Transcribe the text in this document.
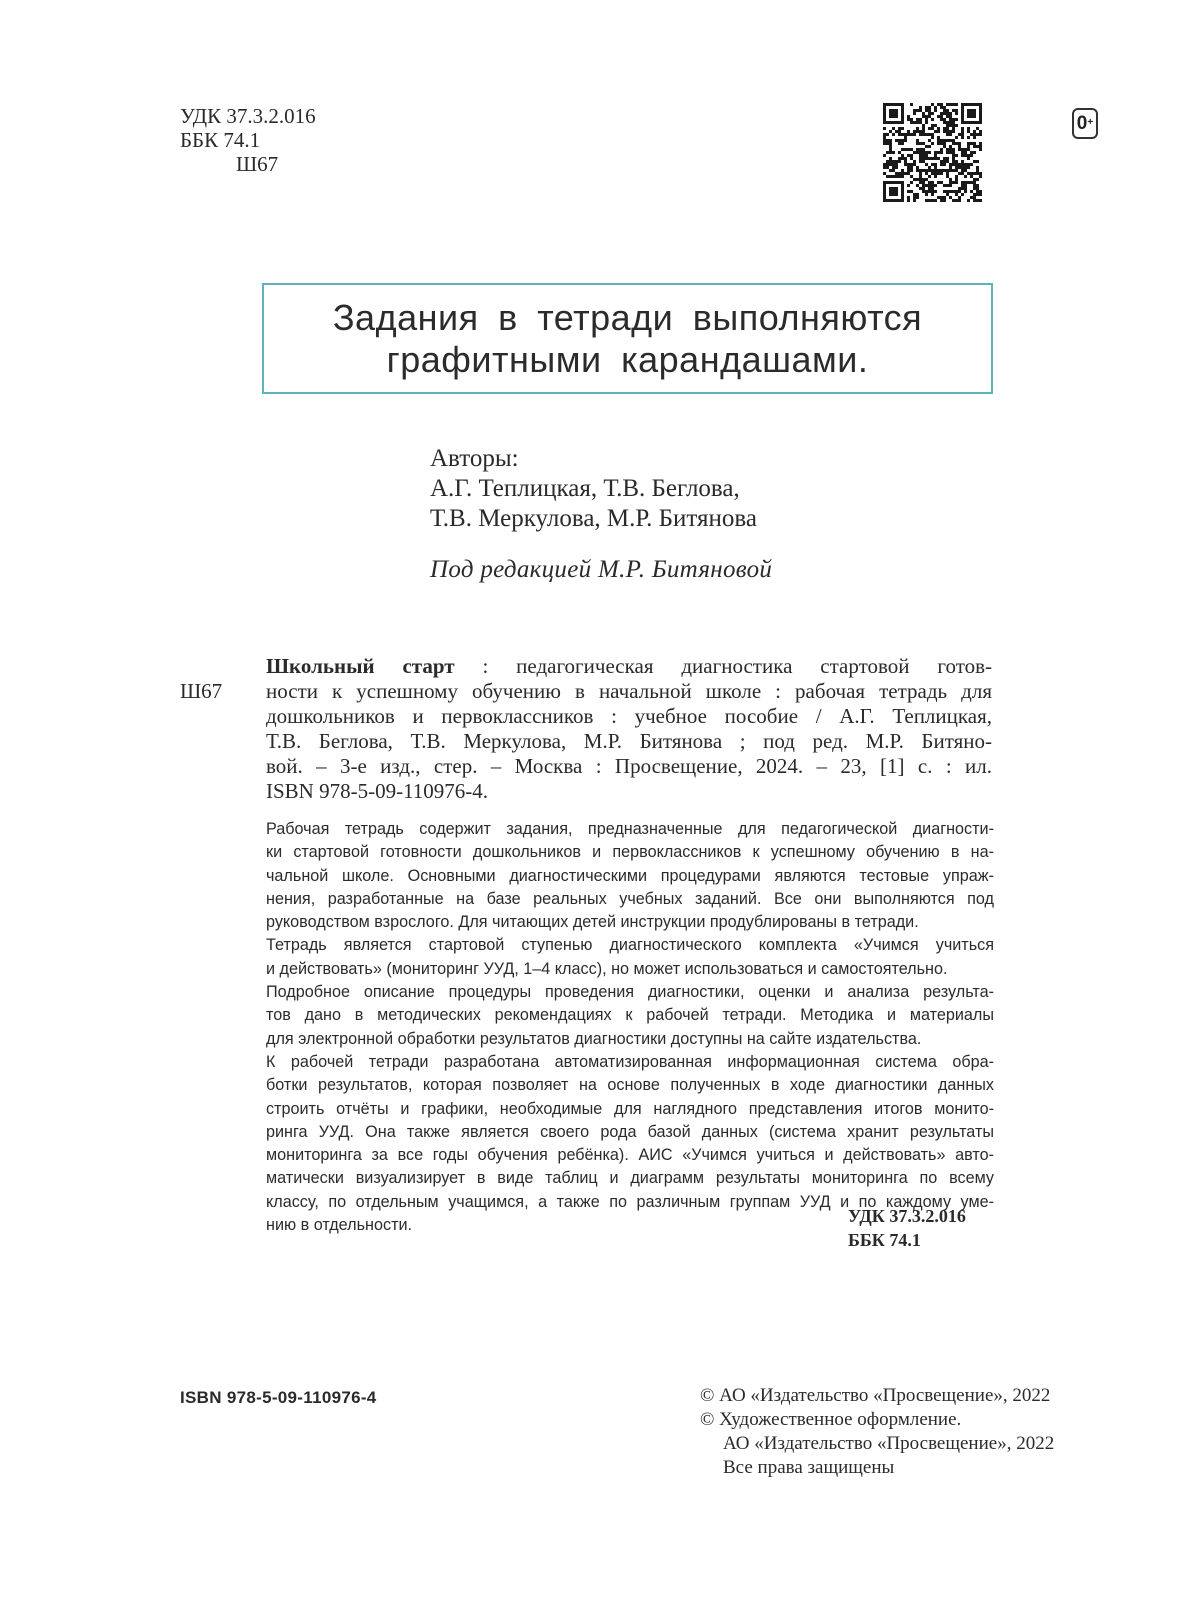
УДК 37.3.2.016
ББК 74.1
Ш67
0+
Задания в тетради выполняются
графитными карандашами.
Авторы:
А.Г. Теплицкая, Т.В. Беглова,
Т.В. Меркулова, М.Р. Битянова
Под редакцией М.Р. Битяновой
Ш67
Школьный старт : педагогическая диагностика стартовой готов-
ности к успешному обучению в начальной школе : рабочая тетрадь для
дошкольников и первоклассников : учебное пособие / А.Г. Теплицкая,
Т.В. Беглова, Т.В. Меркулова, М.Р. Битянова ; под ред. М.Р. Битяно-
вой. – 3-е изд., стер. – Москва : Просвещение, 2024. – 23, [1] с. : ил.
ISBN 978-5-09-110976-4.
Рабочая тетрадь содержит задания, предназначенные для педагогической диагности-
ки стартовой готовности дошкольников и первоклассников к успешному обучению в на-
чальной школе. Основными диагностическими процедурами являются тестовые упраж-
нения, разработанные на базе реальных учебных заданий. Все они выполняются под
руководством взрослого. Для читающих детей инструкции продублированы в тетради.
Тетрадь является стартовой ступенью диагностического комплекта «Учимся учиться
и действовать» (мониторинг УУД, 1–4 класс), но может использоваться и самостоятельно.
Подробное описание процедуры проведения диагностики, оценки и анализа результа-
тов дано в методических рекомендациях к рабочей тетради. Методика и материалы
для электронной обработки результатов диагностики доступны на сайте издательства.
К рабочей тетради разработана автоматизированная информационная система обра-
ботки результатов, которая позволяет на основе полученных в ходе диагностики данных
строить отчёты и графики, необходимые для наглядного представления итогов монито-
ринга УУД. Она также является своего рода базой данных (система хранит результаты
мониторинга за все годы обучения ребёнка). АИС «Учимся учиться и действовать» авто-
матически визуализирует в виде таблиц и диаграмм результаты мониторинга по всему
классу, по отдельным учащимся, а также по различным группам УУД и по каждому уме-
нию в отдельности.	УДК 37.3.2.016
ББК 74.1
ISBN 978-5-09-110976-4	© АО «Издательство «Просвещение», 2022
© Художественное оформление.
АО «Издательство «Просвещение», 2022
Все права защищены
